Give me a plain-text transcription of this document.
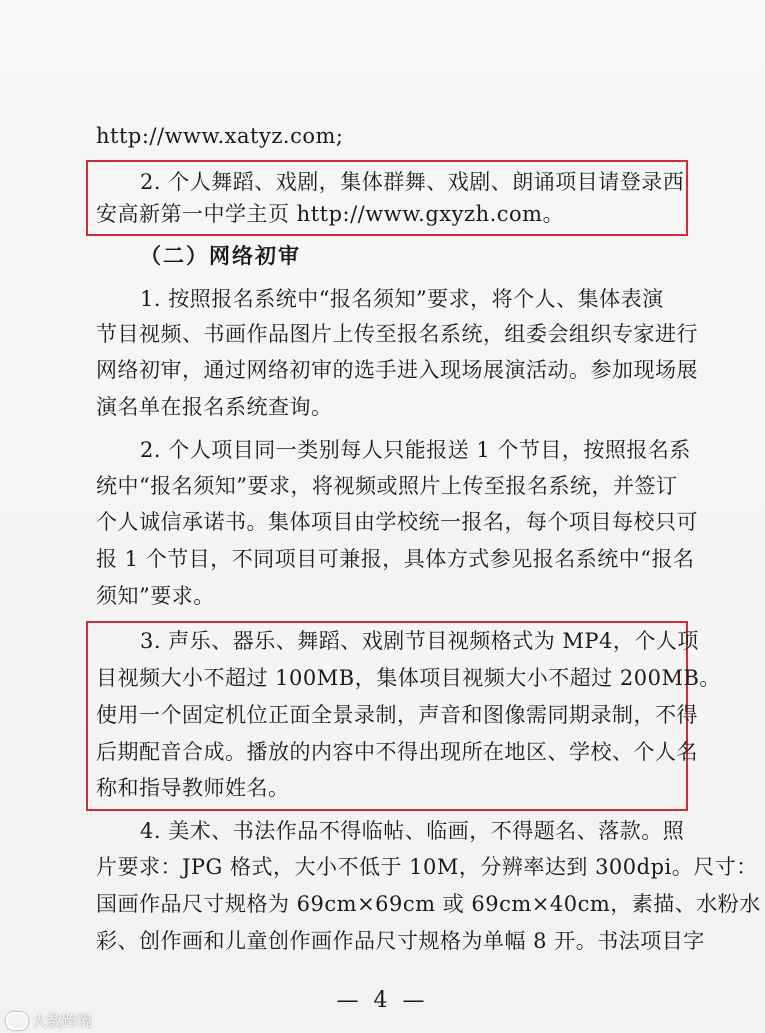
http://www.xatyz.com;
2. 个人舞蹈、戏剧，集体群舞、戏剧、朗诵项目请登录西
安高新第一中学主页 http://www.gxyzh.com。
（二）网络初审
1. 按照报名系统中“报名须知”要求，将个人、集体表演
节目视频、书画作品图片上传至报名系统，组委会组织专家进行
网络初审，通过网络初审的选手进入现场展演活动。参加现场展
演名单在报名系统查询。
2. 个人项目同一类别每人只能报送 1 个节目，按照报名系
统中“报名须知”要求，将视频或照片上传至报名系统，并签订
个人诚信承诺书。集体项目由学校统一报名，每个项目每校只可
报 1 个节目，不同项目可兼报，具体方式参见报名系统中“报名
须知”要求。
3. 声乐、器乐、舞蹈、戏剧节目视频格式为 MP4，个人项
目视频大小不超过 100MB，集体项目视频大小不超过 200MB。
使用一个固定机位正面全景录制，声音和图像需同期录制，不得
后期配音合成。播放的内容中不得出现所在地区、学校、个人名
称和指导教师姓名。
4. 美术、书法作品不得临帖、临画，不得题名、落款。照
片要求：JPG 格式，大小不低于 10M，分辨率达到 300dpi。尺寸：
国画作品尺寸规格为 69cm×69cm 或 69cm×40cm，素描、水粉水
彩、创作画和儿童创作画作品尺寸规格为单幅 8 开。书法项目字
— 4 —
大数跨境
